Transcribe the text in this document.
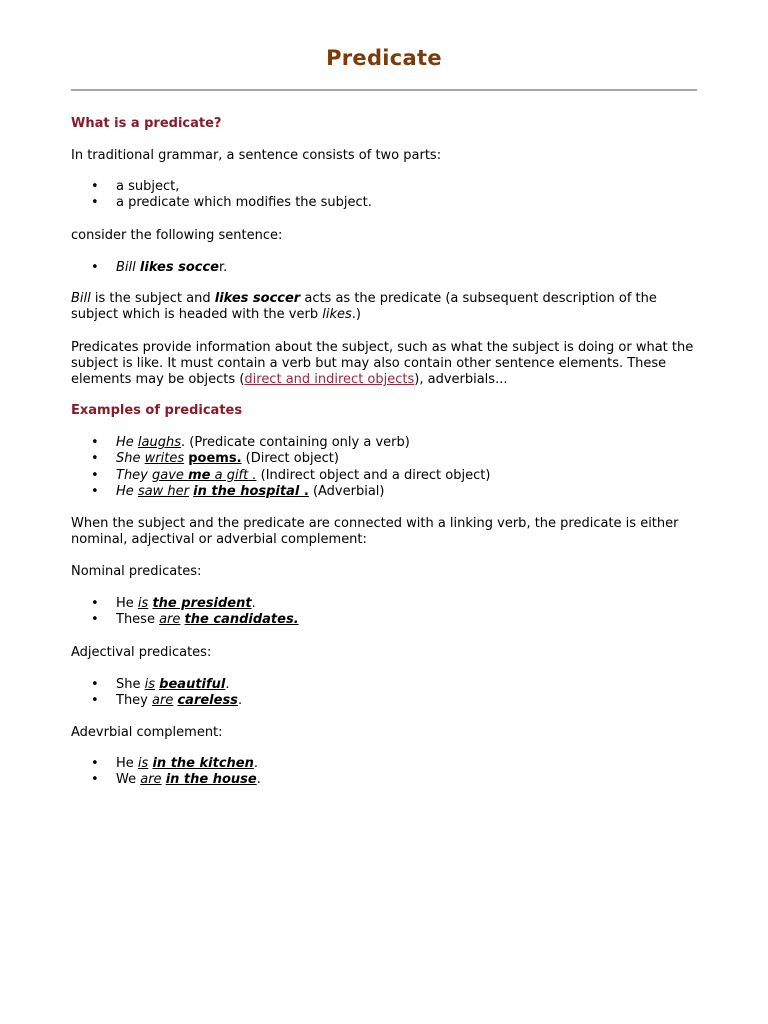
Predicate
What is a predicate?
In traditional grammar, a sentence consists of two parts:
• a subject,
• a predicate which modifies the subject.
consider the following sentence:
• Bill likes soccer.
Bill is the subject and likes soccer acts as the predicate (a subsequent description of the subject which is headed with the verb likes.)
Predicates provide information about the subject, such as what the subject is doing or what the subject is like. It must contain a verb but may also contain other sentence elements. These elements may be objects (direct and indirect objects), adverbials...
Examples of predicates
• He laughs. (Predicate containing only a verb)
• She writes poems. (Direct object)
• They gave me a gift . (Indirect object and a direct object)
• He saw her in the hospital . (Adverbial)
When the subject and the predicate are connected with a linking verb, the predicate is either nominal, adjectival or adverbial complement:
Nominal predicates:
• He is the president.
• These are the candidates.
Adjectival predicates:
• She is beautiful.
• They are careless.
Adevrbial complement:
• He is in the kitchen.
• We are in the house.
